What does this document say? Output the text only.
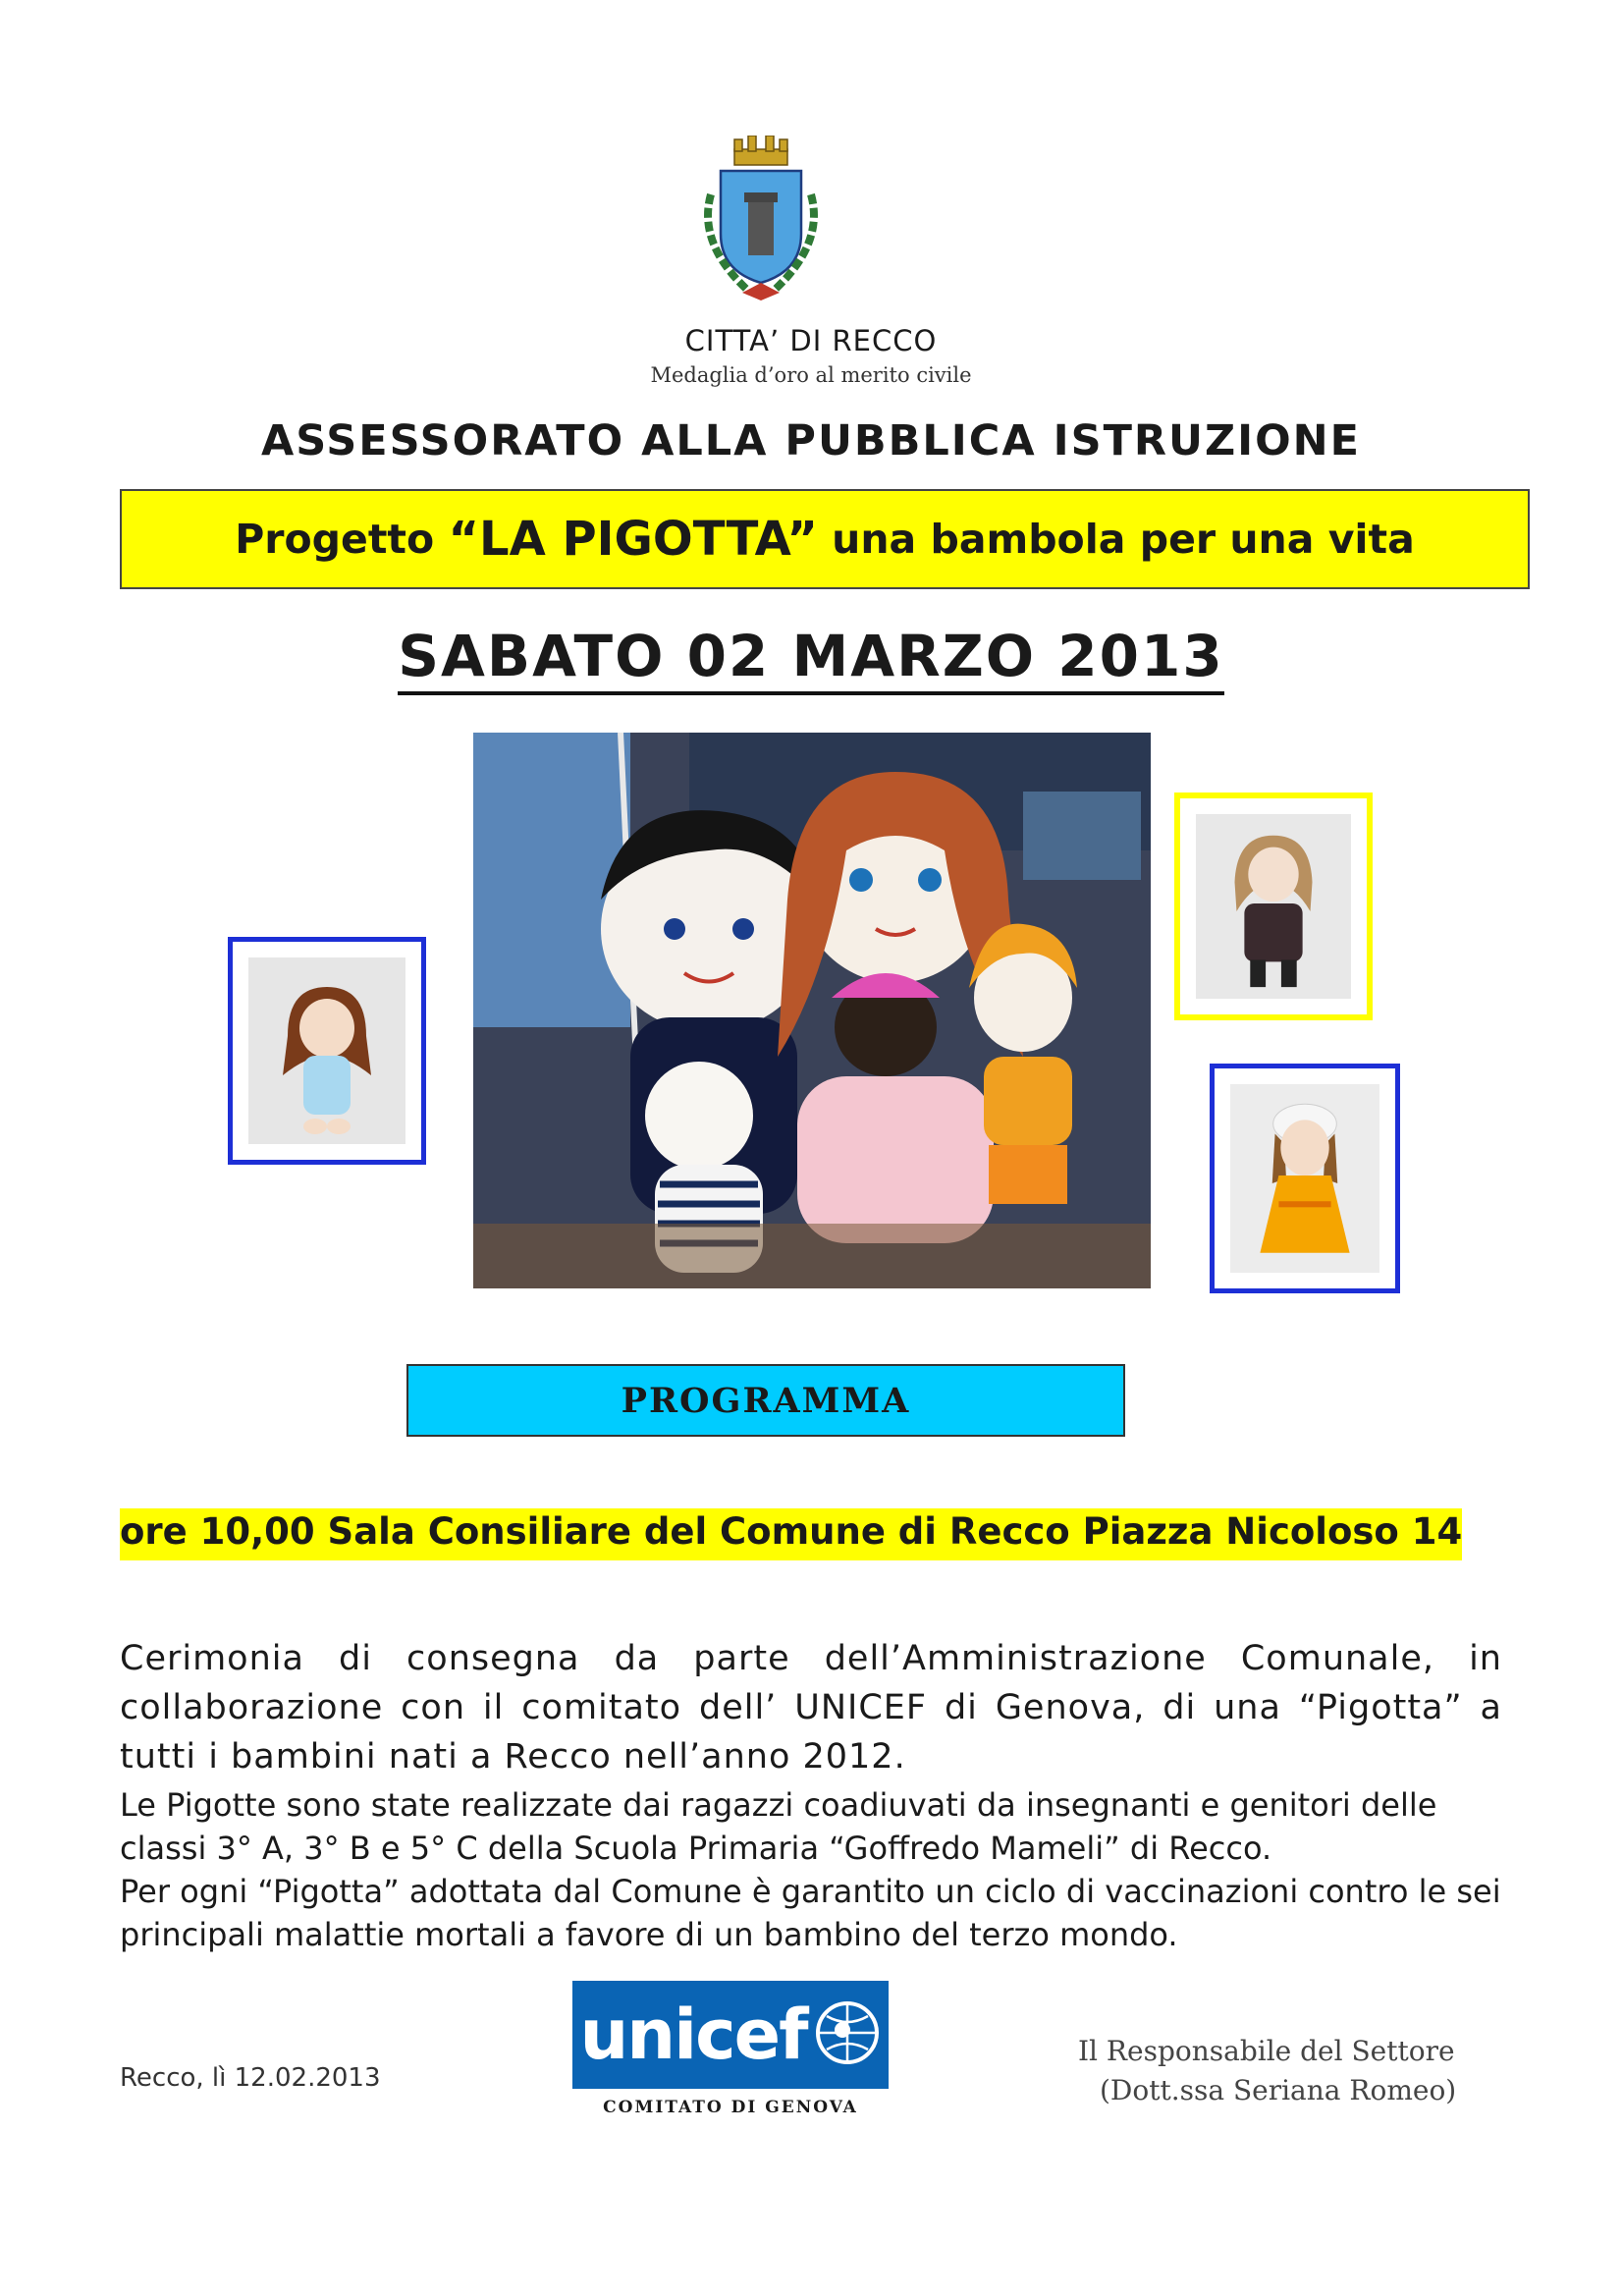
CITTA’ DI RECCO
Medaglia d’oro al merito civile
ASSESSORATO ALLA PUBBLICA ISTRUZIONE
Progetto
“LA PIGOTTA”
una bambola per una vita
SABATO 02 MARZO 2013
PROGRAMMA
ore 10,00 Sala Consiliare del Comune di Recco Piazza Nicoloso 14
Cerimonia di consegna da parte dell’Amministrazione Comunale, in collaborazione con il comitato dell’ UNICEF di Genova, di una “Pigotta” a tutti i bambini nati a Recco nell’anno 2012.
Le Pigotte sono state realizzate dai ragazzi coadiuvati da insegnanti e genitori delle classi 3° A, 3° B e 5° C della Scuola Primaria “Goffredo Mameli” di Recco.
Per ogni “Pigotta” adottata dal Comune è garantito un ciclo di vaccinazioni contro le sei principali malattie mortali a favore di un bambino del terzo mondo.
Recco, lì 12.02.2013
unicef
COMITATO DI GENOVA
Il Responsabile del Settore
(Dott.ssa Seriana Romeo)
